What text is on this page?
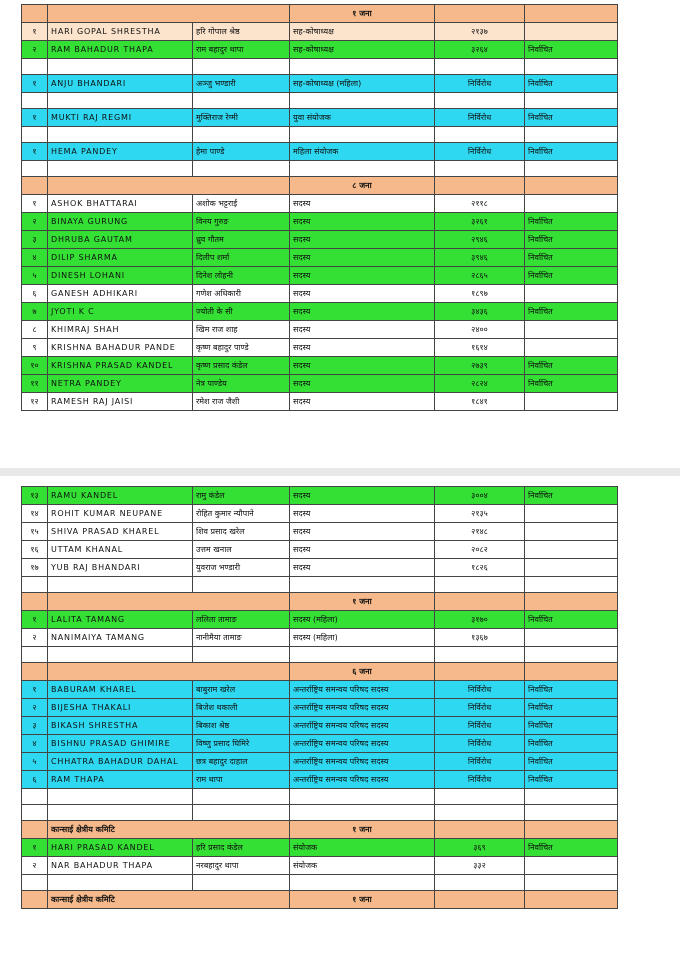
			१ जना		
१	HARI GOPAL SHRESTHA	हरि गोपाल श्रेष्ठ	सह-कोषाध्यक्ष	२१३७	
२	RAM BAHADUR THAPA	राम बहादुर थापा	सह-कोषाध्यक्ष	३२६४	निर्वाचित

१	ANJU BHANDARI	अञ्जु भण्डारी	सह-कोषाध्यक्ष (महिला)	निर्विरोध	निर्वाचित

१	MUKTI RAJ REGMI	मुक्तिराज रेग्मी	युवा संयोजक	निर्विरोध	निर्वाचित

१	HEMA PANDEY	हेमा पाण्डे	महिला संयोजक	निर्विरोध	निर्वाचित

			८ जना		
१	ASHOK BHATTARAI	अशोक भट्टराई	सदस्य	२११८	
२	BINAYA GURUNG	विनय गुरुङ	सदस्य	३२६१	निर्वाचित
३	DHRUBA GAUTAM	ध्रुव गौतम	सदस्य	२९४६	निर्वाचित
४	DILIP SHARMA	दिलीप शर्मा	सदस्य	३९४६	निर्वाचित
५	DINESH LOHANI	दिनेश लोहनी	सदस्य	२८६५	निर्वाचित
६	GANESH ADHIKARI	गणेश अधिकारी	सदस्य	१८९७	
७	JYOTI K C	ज्योती के सी	सदस्य	३४३६	निर्वाचित
८	KHIMRAJ SHAH	खिम राज शाह	सदस्य	२४००	
९	KRISHNA BAHADUR PANDE	कृष्ण बहादुर पाण्डे	सदस्य	१६१४	
१०	KRISHNA PRASAD KANDEL	कृष्ण प्रसाद कंडेल	सदस्य	२७३९	निर्वाचित
११	NETRA PANDEY	नेत्र पाण्डेय	सदस्य	२८२४	निर्वाचित
१२	RAMESH RAJ JAISI	रमेश राज जैशी	सदस्य	१८४१	
१३	RAMU KANDEL	रामु कंडेल	सदस्य	३००४	निर्वाचित
१४	ROHIT KUMAR NEUPANE	रोहित कुमार न्यौपाने	सदस्य	२१३५	
१५	SHIVA PRASAD KHAREL	शिव प्रसाद खरेल	सदस्य	२१४८	
१६	UTTAM KHANAL	उत्तम खनाल	सदस्य	२०८२	
१७	YUB RAJ BHANDARI	युवराज भण्डारी	सदस्य	१८२६	

			१ जना		
१	LALITA TAMANG	ललिता तामाङ	सदस्य (महिला)	३१७०	निर्वाचित
२	NANIMAIYA TAMANG	नानीमैया तामाङ	सदस्य (महिला)	१३६७	

			६ जना		
१	BABURAM KHAREL	बाबुराम खरेल	अन्तर्राष्ट्रिय समन्वय परिषद सदस्य	निर्विरोध	निर्वाचित
२	BIJESHA THAKALI	बिजेश थकाली	अन्तर्राष्ट्रिय समन्वय परिषद सदस्य	निर्विरोध	निर्वाचित
३	BIKASH SHRESTHA	बिकाश श्रेष्ठ	अन्तर्राष्ट्रिय समन्वय परिषद सदस्य	निर्विरोध	निर्वाचित
४	BISHNU PRASAD GHIMIRE	विष्णु प्रसाद घिमिरे	अन्तर्राष्ट्रिय समन्वय परिषद सदस्य	निर्विरोध	निर्वाचित
५	CHHATRA BAHADUR DAHAL	छत्र बहादुर दाहाल	अन्तर्राष्ट्रिय समन्वय परिषद सदस्य	निर्विरोध	निर्वाचित
६	RAM THAPA	राम थापा	अन्तर्राष्ट्रिय समन्वय परिषद सदस्य	निर्विरोध	निर्वाचित

	कान्साई क्षेत्रीय कमिटि		१ जना		
१	HARI PRASAD KANDEL	हरि प्रसाद कंडेल	संयोजक	३६९	निर्वाचित
२	NAR BAHADUR THAPA	नरबहादुर थापा	संयोजक	३३२	

	कान्साई क्षेत्रीय कमिटि		१ जना		
